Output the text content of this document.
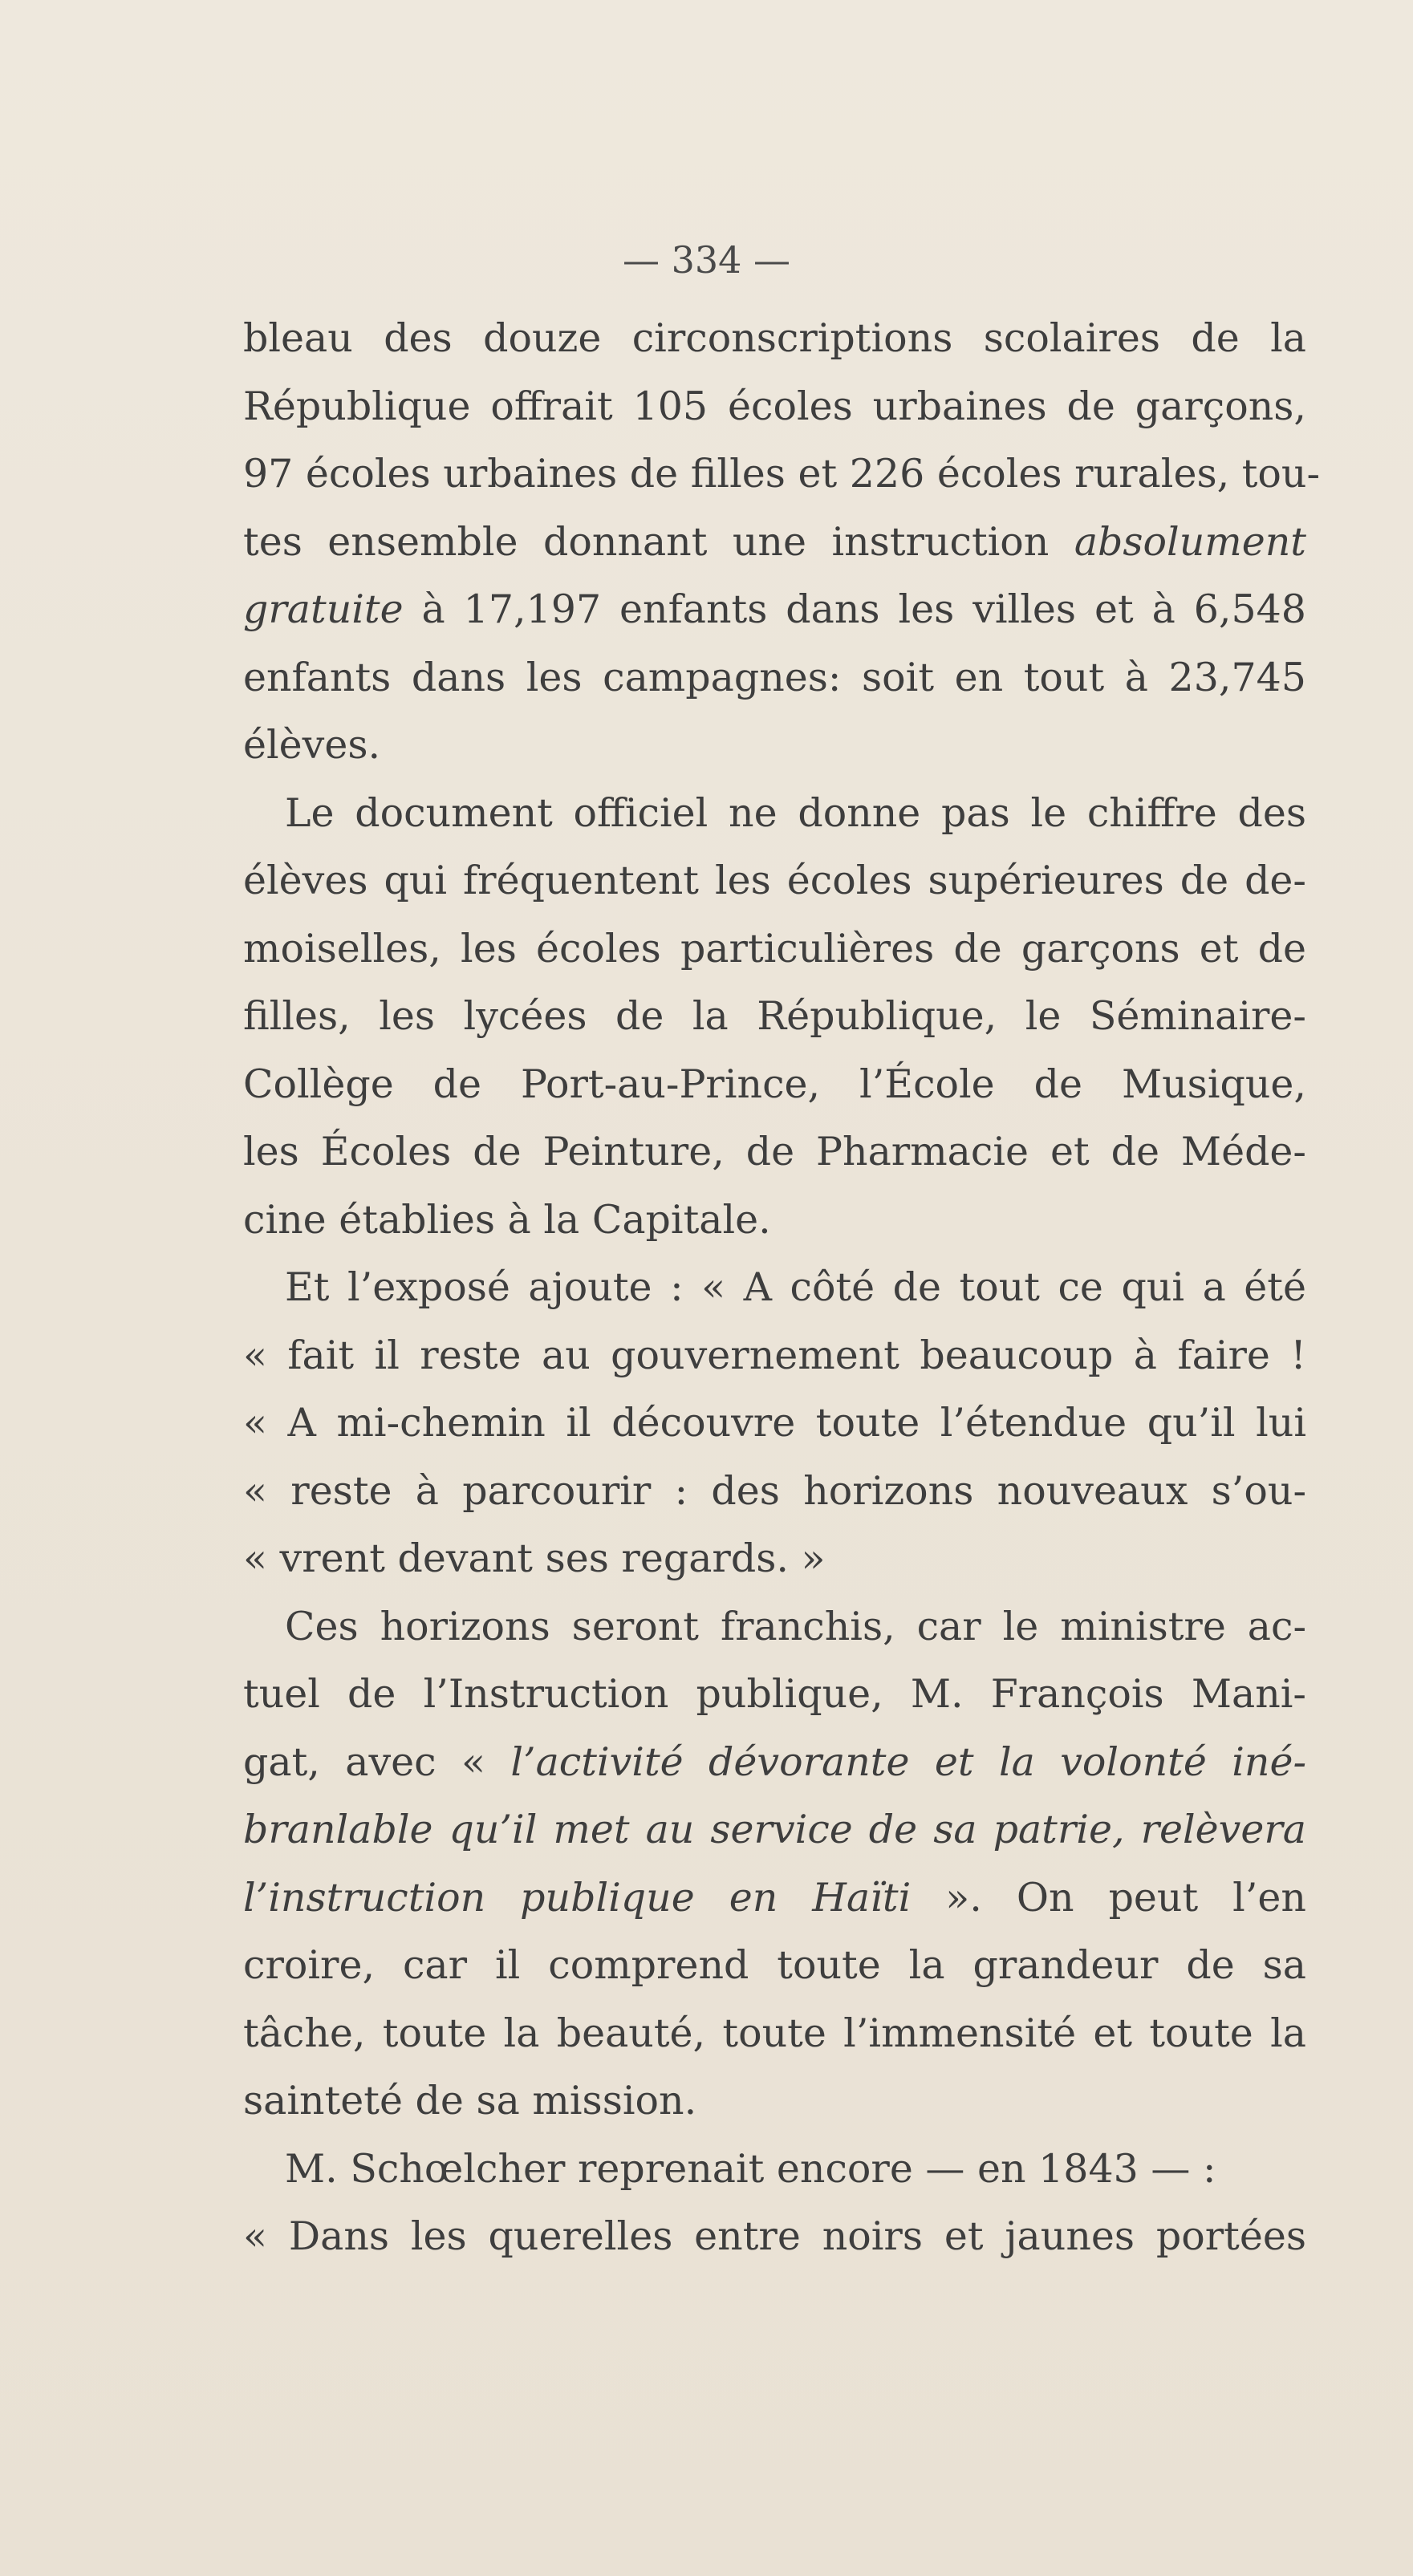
— 334 —

bleau des douze circonscriptions scolaires de la
République offrait 105 écoles urbaines de garçons,
97 écoles urbaines de filles et 226 écoles rurales, tou-
tes ensemble donnant une instruction absolument
gratuite à 17,197 enfants dans les villes et à 6,548
enfants dans les campagnes: soit en tout à 23,745
élèves.
Le document officiel ne donne pas le chiffre des
élèves qui fréquentent les écoles supérieures de de-
moiselles, les écoles particulières de garçons et de
filles, les lycées de la République, le Séminaire-
Collège de Port-au-Prince, l’École de Musique,
les Écoles de Peinture, de Pharmacie et de Méde-
cine établies à la Capitale.
Et l’exposé ajoute : « A côté de tout ce qui a été
« fait il reste au gouvernement beaucoup à faire !
« A mi-chemin il découvre toute l’étendue qu’il lui
« reste à parcourir : des horizons nouveaux s’ou-
« vrent devant ses regards. »
Ces horizons seront franchis, car le ministre ac-
tuel de l’Instruction publique, M. François Mani-
gat, avec « l’activité dévorante et la volonté iné-
branlable qu’il met au service de sa patrie, relèvera
l’instruction publique en Haïti ». On peut l’en
croire, car il comprend toute la grandeur de sa
tâche, toute la beauté, toute l’immensité et toute la
sainteté de sa mission.
M. Schœlcher reprenait encore — en 1843 — :
« Dans les querelles entre noirs et jaunes portées
